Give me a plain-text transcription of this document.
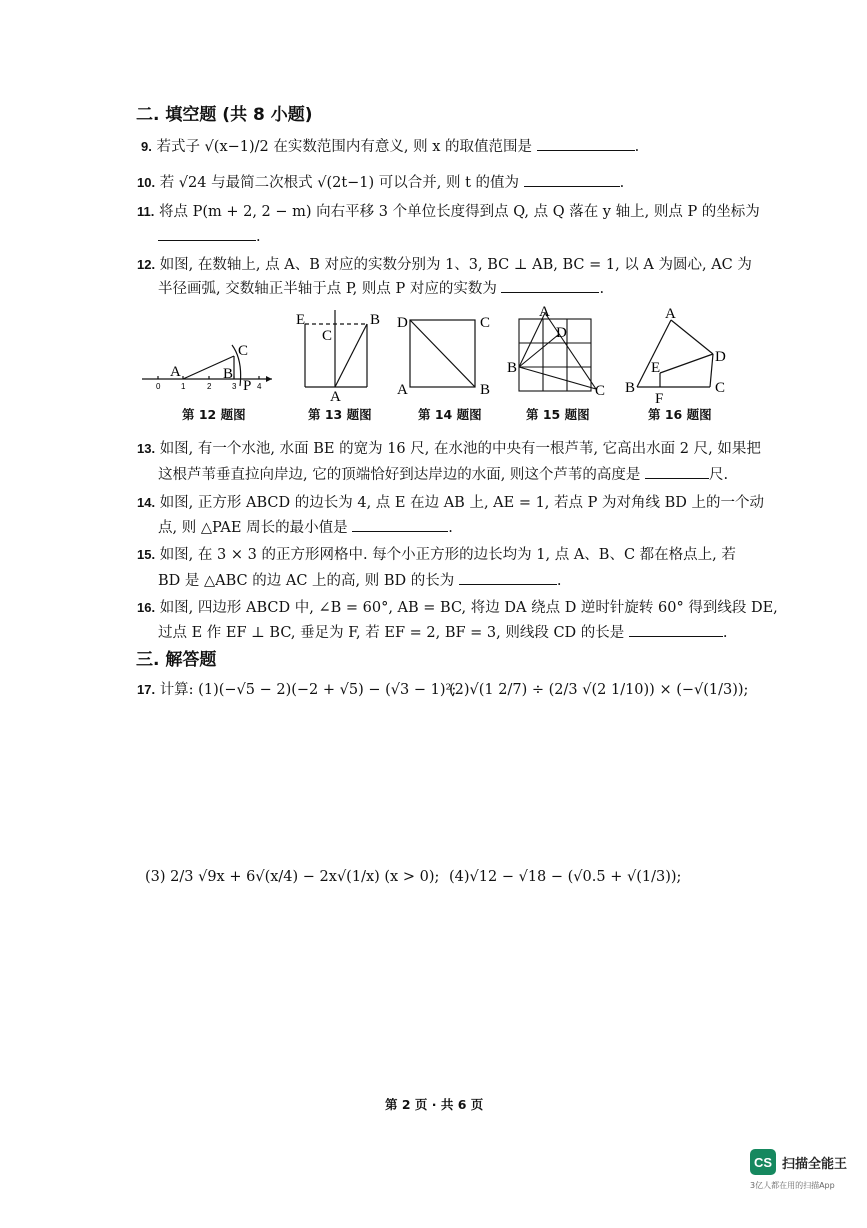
二. 填空题 (共 8 小题)
9. 若式子 √(x−1)/2 在实数范围内有意义, 则 x 的取值范围是	.
10. 若 √24 与最简二次根式 √(2t−1) 可以合并, 则 t 的值为	.
11. 将点 P(m + 2, 2 − m) 向右平移 3 个单位长度得到点 Q, 点 Q 落在 y 轴上, 则点 P 的坐标为
.
12. 如图, 在数轴上, 点 A、B 对应的实数分别为 1、3, BC ⊥ AB, BC = 1, 以 A 为圆心, AC 为
半径画弧, 交数轴正半轴于点 P, 则点 P 对应的实数为	.
A	B
C
P
0	1	2	3	4
E	B
C
A
D	C
A	B
A
D
B
C
A
D
E
B
F
C
第 12 题图	第 13 题图	第 14 题图	第 15 题图	第 16 题图
13. 如图, 有一个水池, 水面 BE 的宽为 16 尺, 在水池的中央有一根芦苇, 它高出水面 2 尺, 如果把
这根芦苇垂直拉向岸边, 它的顶端恰好到达岸边的水面, 则这个芦苇的高度是	尺.
14. 如图, 正方形 ABCD 的边长为 4, 点 E 在边 AB 上, AE = 1, 若点 P 为对角线 BD 上的一个动
点, 则 △PAE 周长的最小值是	.
15. 如图, 在 3 × 3 的正方形网格中. 每个小正方形的边长均为 1, 点 A、B、C 都在格点上, 若
BD 是 △ABC 的边 AC 上的高, 则 BD 的长为	.
16. 如图, 四边形 ABCD 中, ∠B = 60°, AB = BC, 将边 DA 绕点 D 逆时针旋转 60° 得到线段 DE,
过点 E 作 EF ⊥ BC, 垂足为 F, 若 EF = 2, BF = 3, 则线段 CD 的长是	.
三. 解答题
17. 计算: (1)(−√5 − 2)(−2 + √5) − (√3 − 1)²;
(2)√(1 2/7) ÷ (2/3 √(2 1/10)) × (−√(1/3));
(3) 2/3 √9x + 6√(x/4) − 2x√(1/x) (x > 0); (4)√12 − √18 − (√0.5 + √(1/3));
第 2 页 · 共 6 页
CS 扫描全能王
3亿人都在用的扫描App
